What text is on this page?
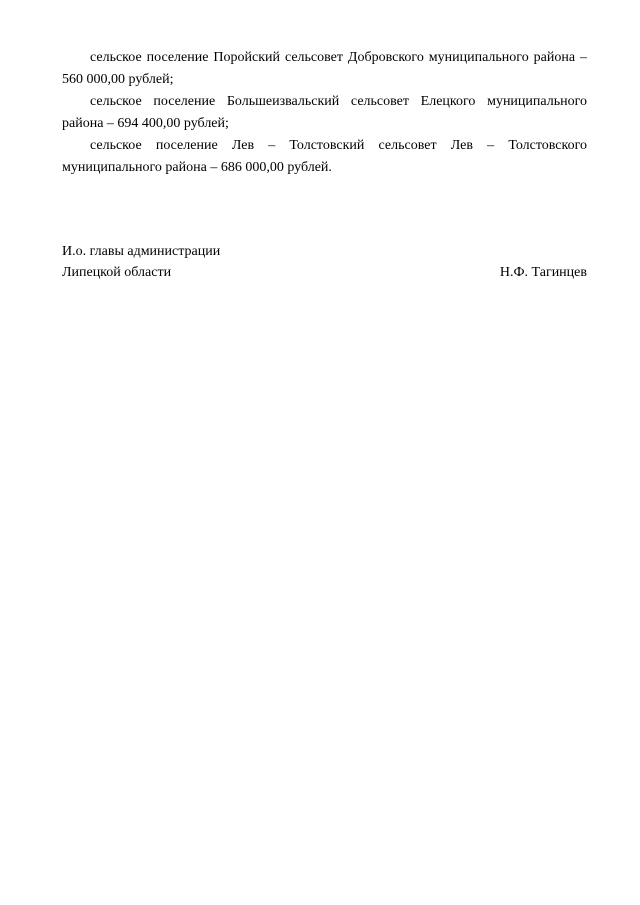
сельское поселение Поройский сельсовет Добровского муниципального района – 560 000,00 рублей;

сельское поселение Большеизвальский сельсовет Елецкого муниципального района – 694 400,00 рублей;

сельское поселение Лев – Толстовский сельсовет Лев – Толстовского муниципального района – 686 000,00 рублей.

И.о. главы администрации
Липецкой области	Н.Ф. Тагинцев
